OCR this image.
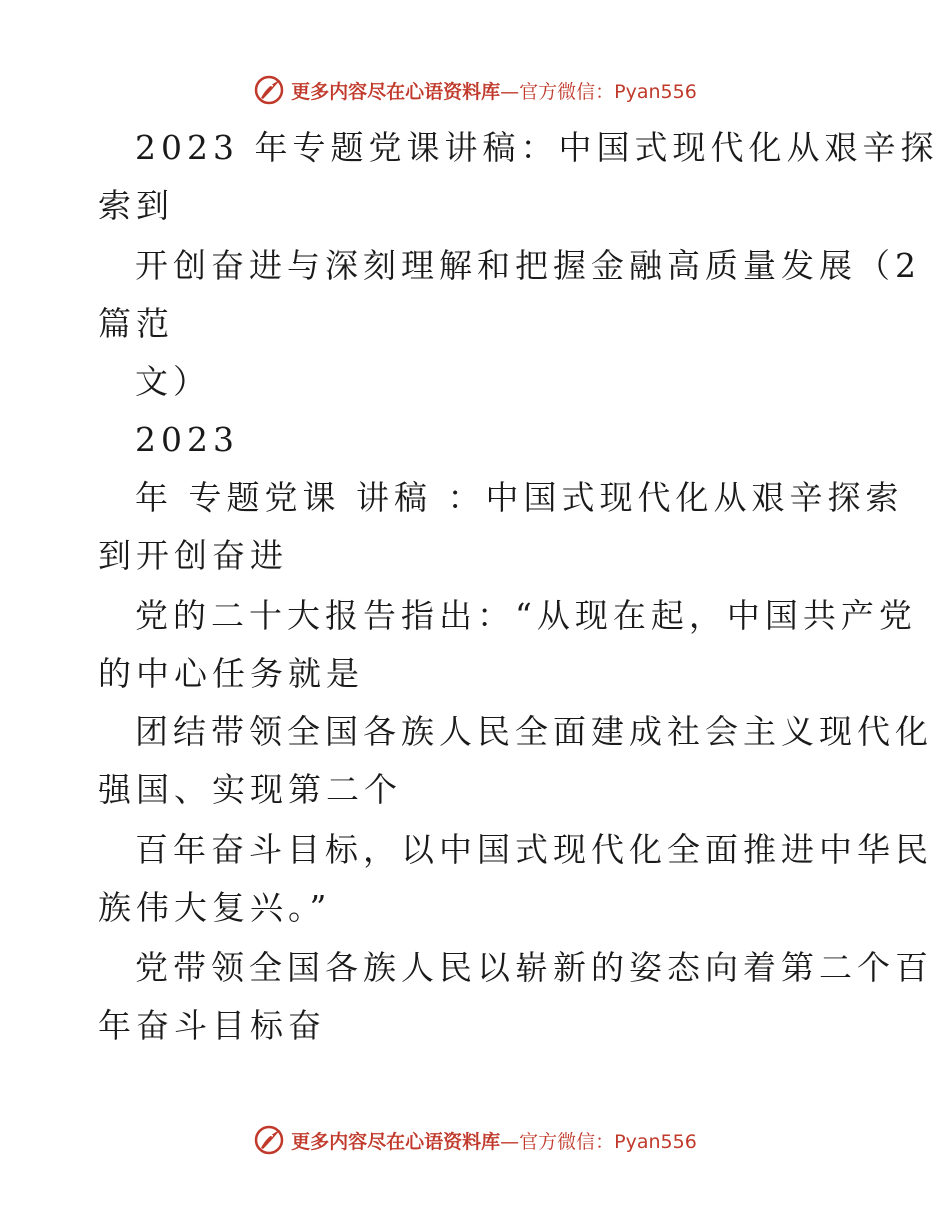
更多内容尽在心语资料库 —官方微信：Pyan556
2023 年专题党课讲稿：中国式现代化从艰辛探
索到
开创奋进与深刻理解和把握金融高质量发展（2
篇范
文）
2023
年 专题党课 讲稿 ：中国式现代化从艰辛探索
到开创奋进
党的二十大报告指出：“从现在起，中国共产党
的中心任务就是
团结带领全国各族人民全面建成社会主义现代化
强国、实现第二个
百年奋斗目标，以中国式现代化全面推进中华民
族伟大复兴。”
党带领全国各族人民以崭新的姿态向着第二个百
年奋斗目标奋
更多内容尽在心语资料库 —官方微信：Pyan556
